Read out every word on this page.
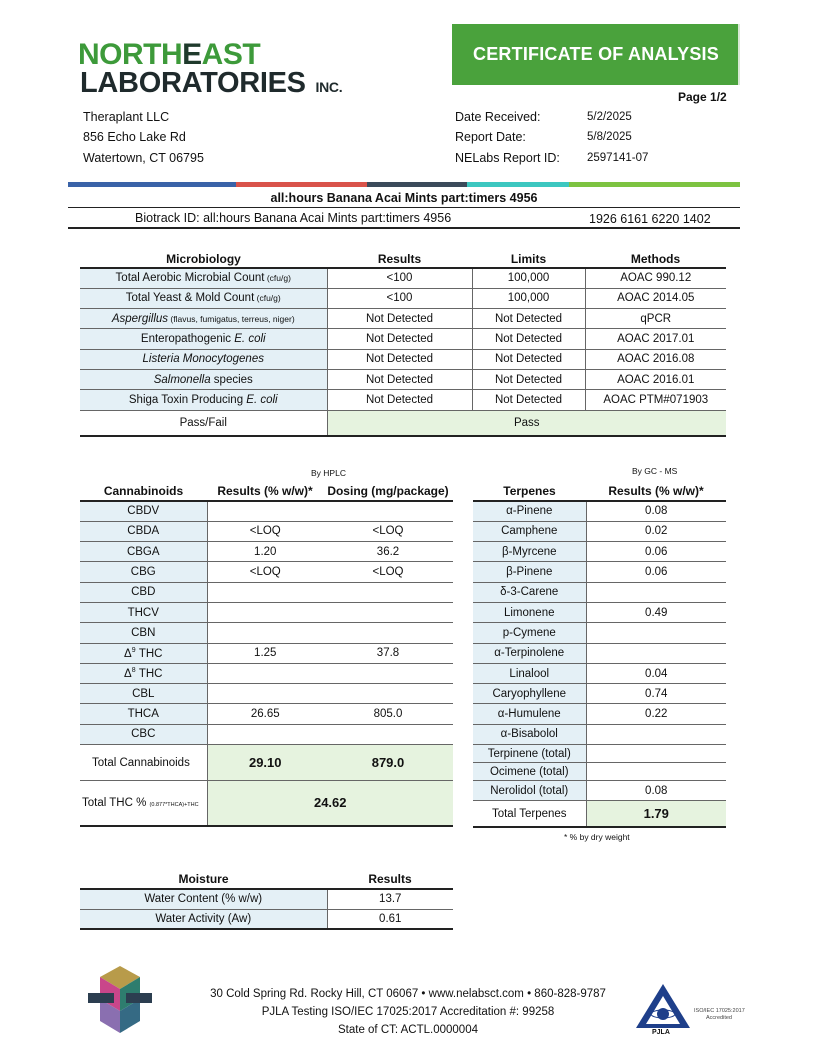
NORTHEAST
LABORATORIES INC.
CERTIFICATE OF ANALYSIS
Page 1/2
Theraplant LLC
856 Echo Lake Rd
Watertown, CT 06795
Date Received:	5/2/2025
Report Date:	5/8/2025
NELabs Report ID: 2597141-07
all:hours Banana Acai Mints part:timers 4956
Biotrack ID: all:hours Banana Acai Mints part:timers 4956	1926 6161 6220 1402
Microbiology	Results	Limits	Methods
Total Aerobic Microbial Count (cfu/g)	<100	100,000	AOAC 990.12
Total Yeast & Mold Count (cfu/g)	<100	100,000	AOAC 2014.05
Aspergillus (flavus, fumigatus, terreus, niger)	Not Detected	Not Detected	qPCR
Enteropathogenic E. coli	Not Detected	Not Detected	AOAC 2017.01
Listeria Monocytogenes	Not Detected	Not Detected	AOAC 2016.08
Salmonella species	Not Detected	Not Detected	AOAC 2016.01
Shiga Toxin Producing E. coli	Not Detected	Not Detected	AOAC PTM#071903
Pass/Fail	Pass		
By HPLC	By GC - MS
Cannabinoids	Results (% w/w)*	Dosing (mg/package)
CBDV		
CBDA	<LOQ	<LOQ
CBGA	1.20	36.2
CBG	<LOQ	<LOQ
CBD		
THCV		
CBN		
$\Delta^9$ THC	1.25	37.8
$\Delta^8$ THC		
CBL		
THCA	26.65	805.0
CBC		
Total Cannabinoids	29.10	879.0
Total THC % (0.877*THCA)+THC	24.62	
Terpenes	Results (% w/w)*
α-Pinene	0.08
Camphene	0.02
β-Myrcene	0.06
β-Pinene	0.06
δ-3-Carene	
Limonene	0.49
p-Cymene	
α-Terpinolene	
Linalool	0.04
Caryophyllene	0.74
α-Humulene	0.22
α-Bisabolol	
Terpinene (total)	
Ocimene (total)	
Nerolidol (total)	0.08
Total Terpenes	1.79
* % by dry weight
Moisture	Results
Water Content (% w/w)	13.7
Water Activity (Aw)	0.61
30 Cold Spring Rd. Rocky Hill, CT 06067 • www.nelabsct.com • 860-828-9787
PJLA Testing ISO/IEC 17025:2017 Accreditation #: 99258
State of CT: ACTL.0000004	PJLA
ISO/IEC 17025:2017
Accredited
